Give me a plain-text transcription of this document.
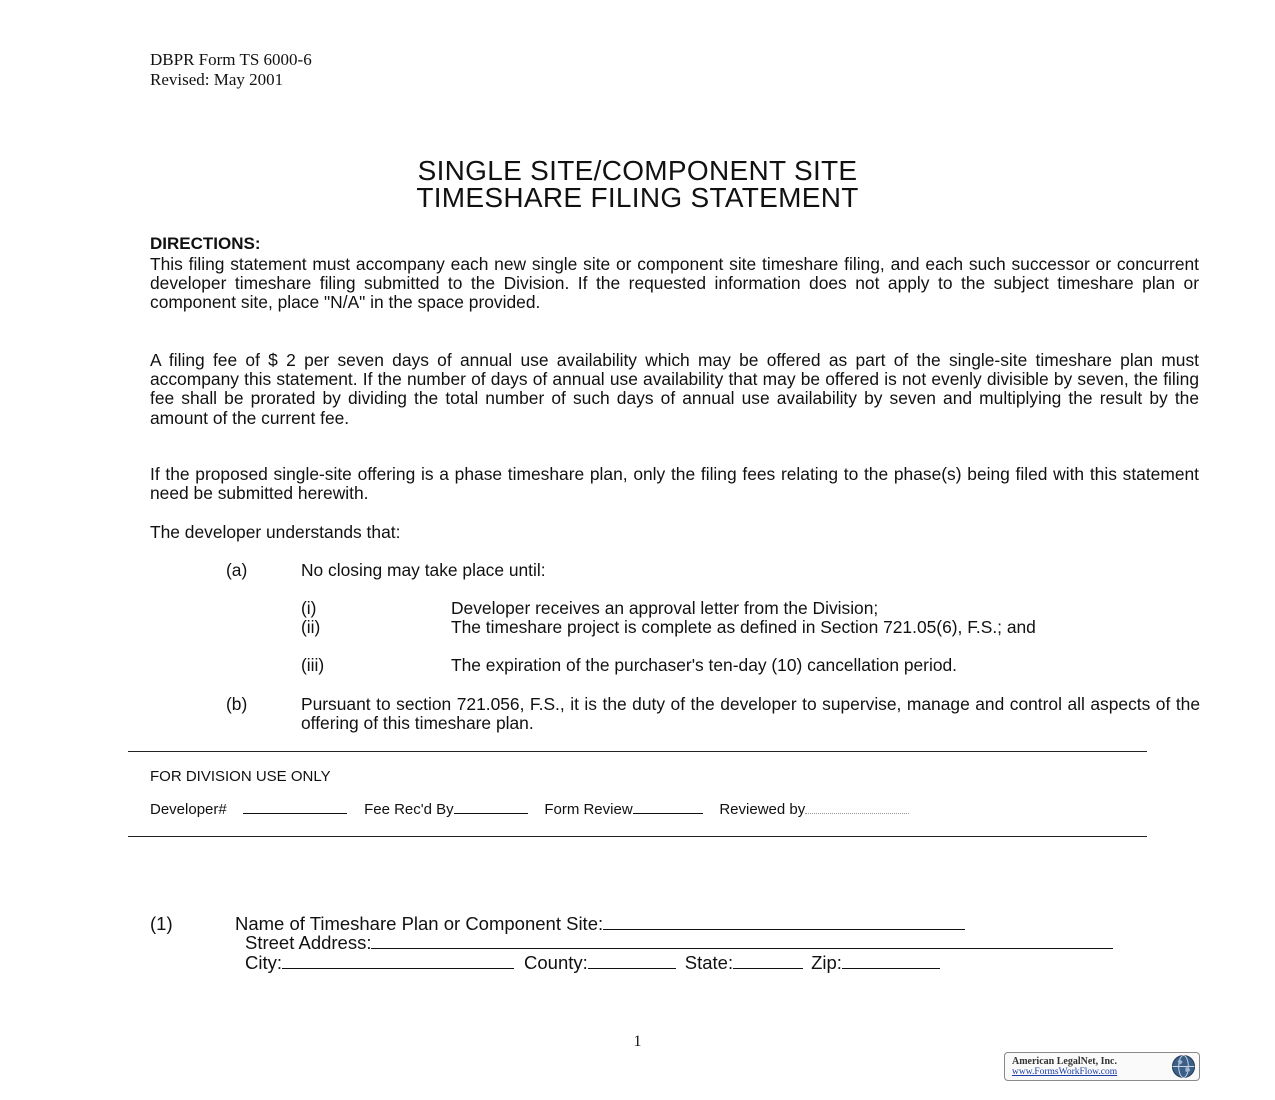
DBPR Form TS 6000-6
Revised: May 2001
SINGLE SITE/COMPONENT SITE
TIMESHARE FILING STATEMENT
DIRECTIONS:
This filing statement must accompany each new single site or component site timeshare filing, and each such successor or concurrent developer timeshare filing submitted to the Division. If the requested information does not apply to the subject timeshare plan or component site, place "N/A" in the space provided.
A filing fee of $ 2 per seven days of annual use availability which may be offered as part of the single-site timeshare plan must accompany this statement. If the number of days of annual use availability that may be offered is not evenly divisible by seven, the filing fee shall be prorated by dividing the total number of such days of annual use availability by seven and multiplying the result by the amount of the current fee.
If the proposed single-site offering is a phase timeshare plan, only the filing fees relating to the phase(s) being filed with this statement need be submitted herewith.
The developer understands that:
(a)	No closing may take place until:
(i)	Developer receives an approval letter from the Division;
(ii)	The timeshare project is complete as defined in Section 721.05(6), F.S.; and
(iii)	The expiration of the purchaser's ten-day (10) cancellation period.
(b)	Pursuant to section 721.056, F.S., it is the duty of the developer to supervise, manage and control all aspects of the offering of this timeshare plan.
FOR DIVISION USE ONLY
Developer#	Fee Rec'd By	Form Review	Reviewed by
(1)	Name of Timeshare Plan or Component Site:
Street Address:
City:	County:	State:	Zip:
1
American LegalNet, Inc.
www.FormsWorkFlow.com
